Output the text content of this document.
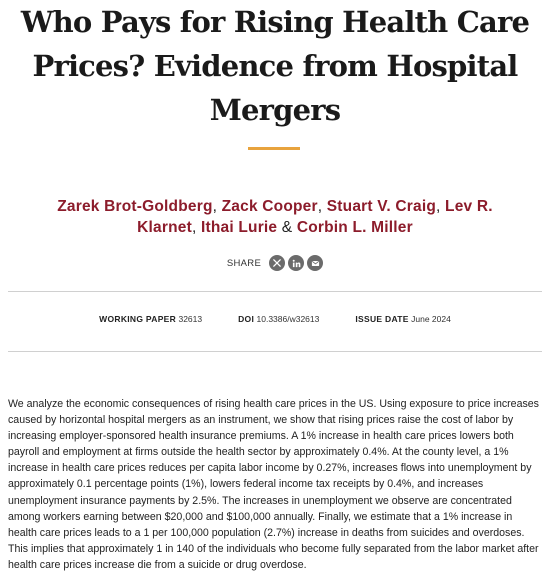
Who Pays for Rising Health Care Prices? Evidence from Hospital Mergers
Zarek Brot-Goldberg, Zack Cooper, Stuart V. Craig, Lev R. Klarnet, Ithai Lurie & Corbin L. Miller
SHARE
WORKING PAPER 32613	DOI 10.3386/w32613	ISSUE DATE June 2024

We analyze the economic consequences of rising health care prices in the US. Using exposure to price increases caused by horizontal hospital mergers as an instrument, we show that rising prices raise the cost of labor by increasing employer-sponsored health insurance premiums. A 1% increase in health care prices lowers both payroll and employment at firms outside the health sector by approximately 0.4%. At the county level, a 1% increase in health care prices reduces per capita labor income by 0.27%, increases flows into unemployment by approximately 0.1 percentage points (1%), lowers federal income tax receipts by 0.4%, and increases unemployment insurance payments by 2.5%. The increases in unemployment we observe are concentrated among workers earning between $20,000 and $100,000 annually. Finally, we estimate that a 1% increase in health care prices leads to a 1 per 100,000 population (2.7%) increase in deaths from suicides and overdoses. This implies that approximately 1 in 140 of the individuals who become fully separated from the labor market after health care prices increase die from a suicide or drug overdose.
